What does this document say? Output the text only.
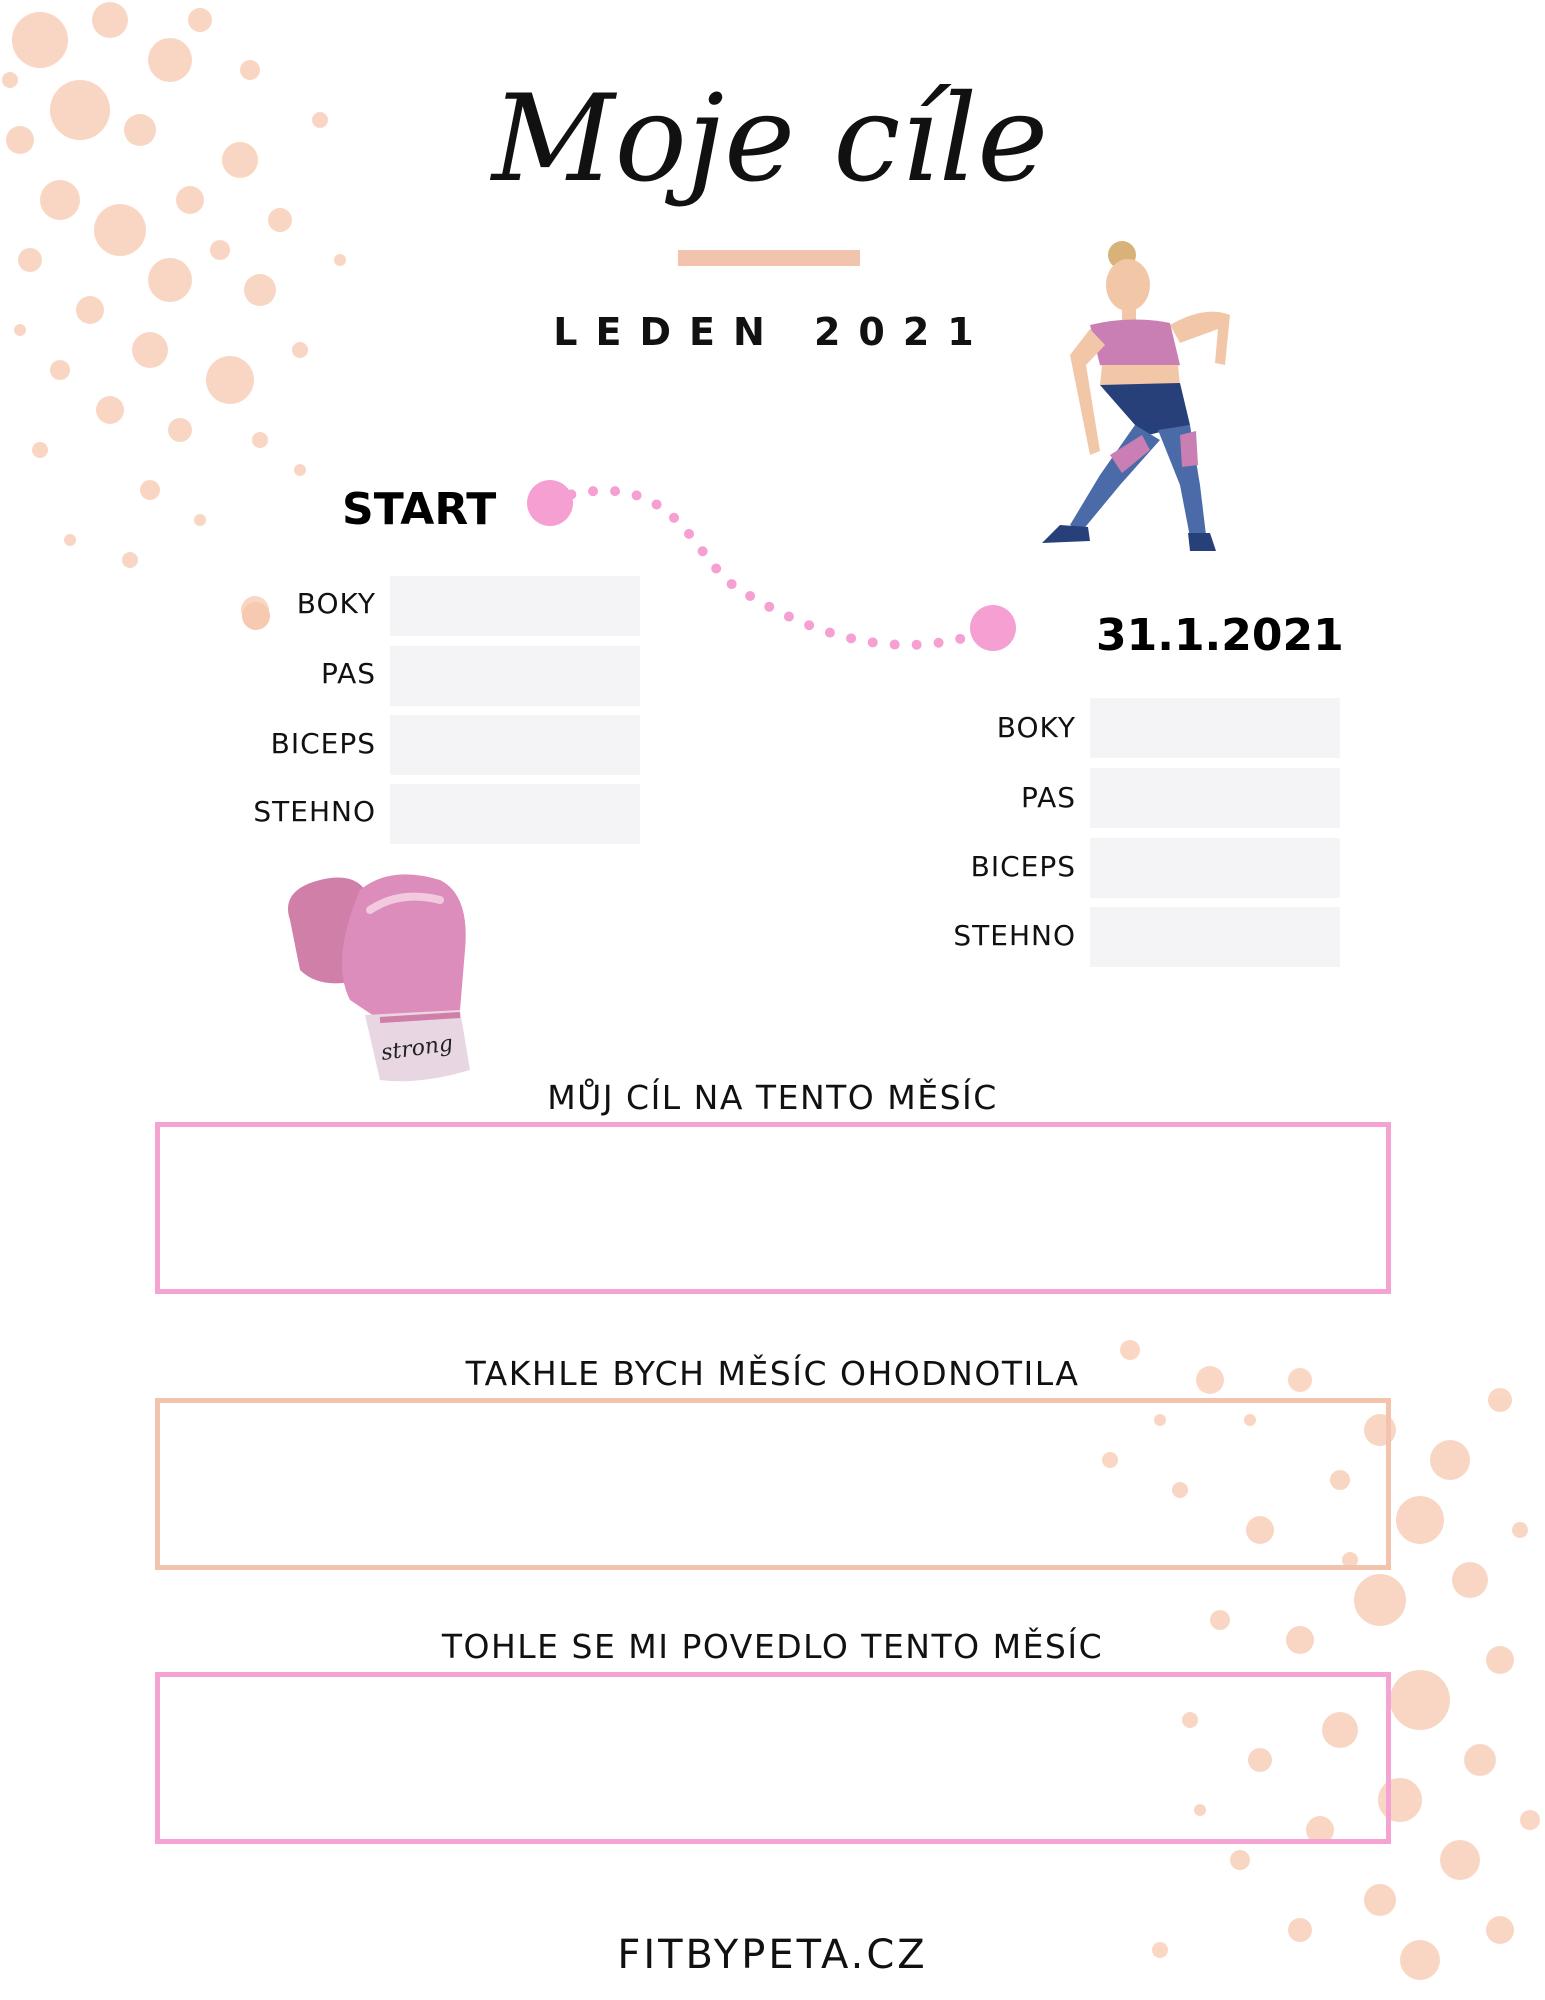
Moje cíle
LEDEN 2021
START
BOKY
PAS
BICEPS
STEHNO
31.1.2021
BOKY
PAS
BICEPS
STEHNO
strong
MŮJ CÍL NA TENTO MĚSÍC
TAKHLE BYCH MĚSÍC OHODNOTILA
TOHLE SE MI POVEDLO TENTO MĚSÍC
FITBYPETA.CZ
